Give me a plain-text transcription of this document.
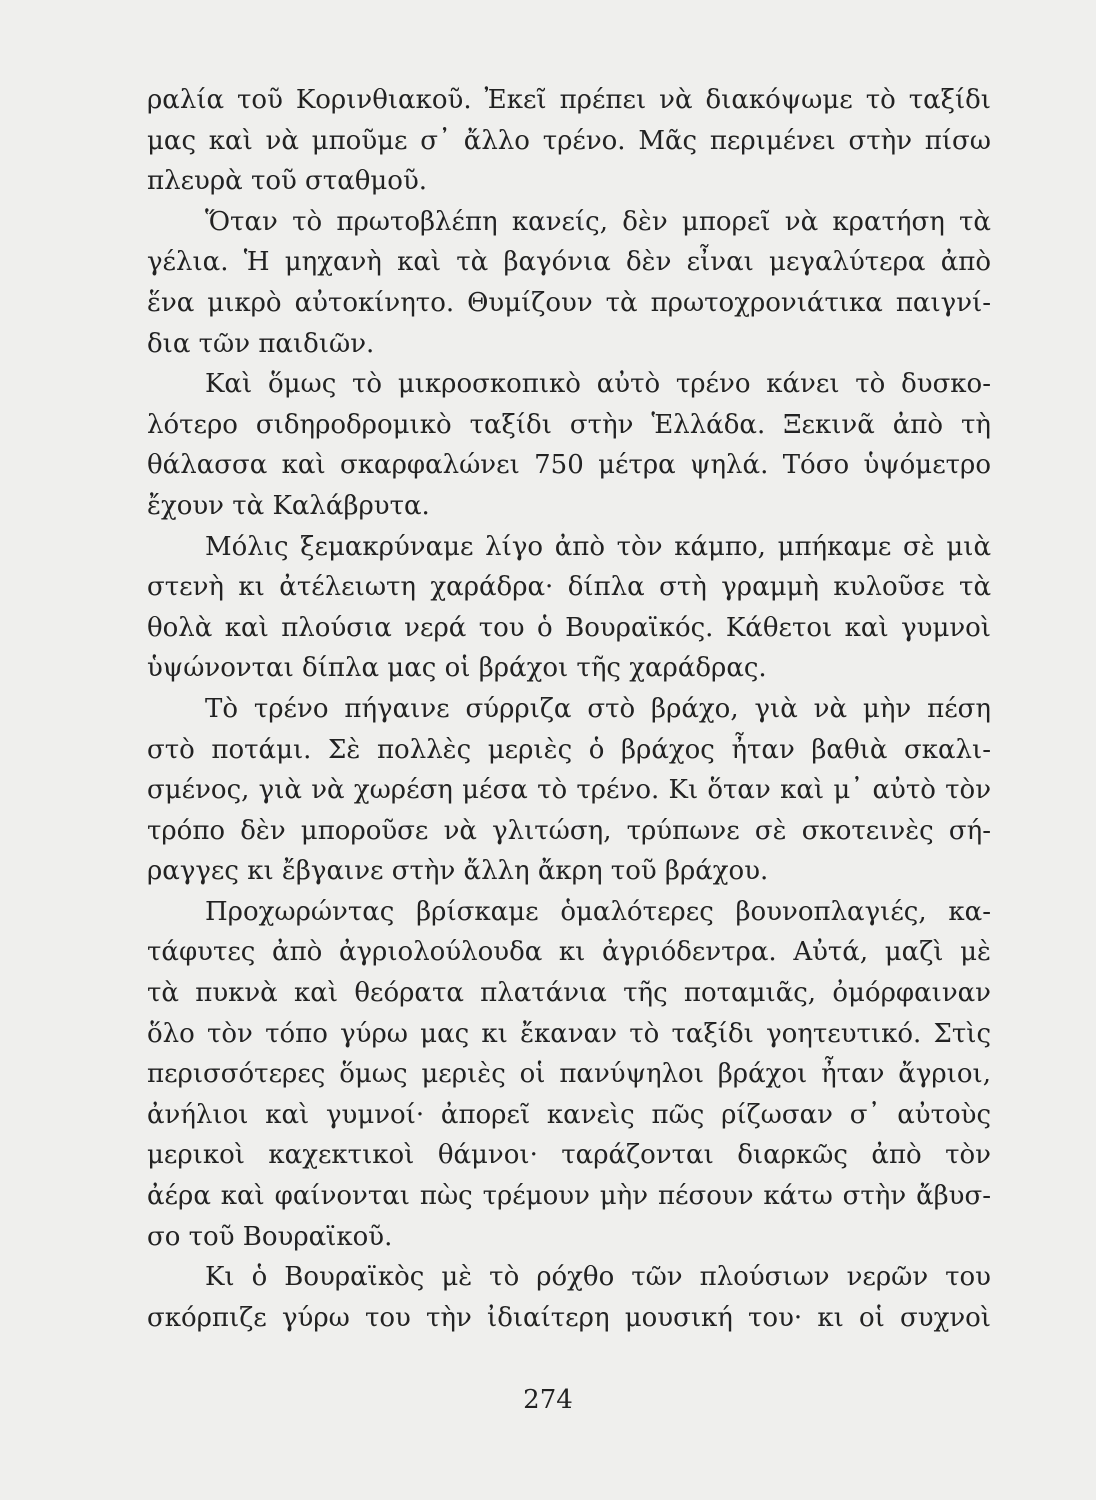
ραλία τοῦ Κορινθιακοῦ. Ἐκεῖ πρέπει νὰ διακόψωμε τὸ ταξίδι
μας καὶ νὰ μποῦμε σ᾽ ἄλλο τρένο. Μᾶς περιμένει στὴν πίσω
πλευρὰ τοῦ σταθμοῦ.
Ὅταν τὸ πρωτοβλέπη κανείς, δὲν μπορεῖ νὰ κρατήση τὰ
γέλια. Ἡ μηχανὴ καὶ τὰ βαγόνια δὲν εἶναι μεγαλύτερα ἀπὸ
ἕνα μικρὸ αὐτοκίνητο. Θυμίζουν τὰ πρωτοχρονιάτικα παιγνί-
δια τῶν παιδιῶν.
Καὶ ὅμως τὸ μικροσκοπικὸ αὐτὸ τρένο κάνει τὸ δυσκο-
λότερο σιδηροδρομικὸ ταξίδι στὴν Ἑλλάδα. Ξεκινᾶ ἀπὸ τὴ
θάλασσα καὶ σκαρφαλώνει 750 μέτρα ψηλά. Τόσο ὑψόμετρο
ἔχουν τὰ Καλάβρυτα.
Μόλις ξεμακρύναμε λίγο ἀπὸ τὸν κάμπο, μπήκαμε σὲ μιὰ
στενὴ κι ἀτέλειωτη χαράδρα· δίπλα στὴ γραμμὴ κυλοῦσε τὰ
θολὰ καὶ πλούσια νερά του ὁ Βουραϊκός. Κάθετοι καὶ γυμνοὶ
ὑψώνονται δίπλα μας οἱ βράχοι τῆς χαράδρας.
Τὸ τρένο πήγαινε σύρριζα στὸ βράχο, γιὰ νὰ μὴν πέση
στὸ ποτάμι. Σὲ πολλὲς μεριὲς ὁ βράχος ἦταν βαθιὰ σκαλι-
σμένος, γιὰ νὰ χωρέση μέσα τὸ τρένο. Κι ὅταν καὶ μ᾽ αὐτὸ τὸν
τρόπο δὲν μποροῦσε νὰ γλιτώση, τρύπωνε σὲ σκοτεινὲς σή-
ραγγες κι ἔβγαινε στὴν ἄλλη ἄκρη τοῦ βράχου.
Προχωρώντας βρίσκαμε ὁμαλότερες βουνοπλαγιές, κα-
τάφυτες ἀπὸ ἀγριολούλουδα κι ἀγριόδεντρα. Αὐτά, μαζὶ μὲ
τὰ πυκνὰ καὶ θεόρατα πλατάνια τῆς ποταμιᾶς, ὀμόρφαιναν
ὅλο τὸν τόπο γύρω μας κι ἔκαναν τὸ ταξίδι γοητευτικό. Στὶς
περισσότερες ὅμως μεριὲς οἱ πανύψηλοι βράχοι ἦταν ἄγριοι,
ἀνήλιοι καὶ γυμνοί· ἀπορεῖ κανεὶς πῶς ρίζωσαν σ᾽ αὐτοὺς
μερικοὶ καχεκτικοὶ θάμνοι· ταράζονται διαρκῶς ἀπὸ τὸν
ἀέρα καὶ φαίνονται πὼς τρέμουν μὴν πέσουν κάτω στὴν ἄβυσ-
σο τοῦ Βουραϊκοῦ.
Κι ὁ Βουραϊκὸς μὲ τὸ ρόχθο τῶν πλούσιων νερῶν του
σκόρπιζε γύρω του τὴν ἰδιαίτερη μουσική του· κι οἱ συχνοὶ
274
